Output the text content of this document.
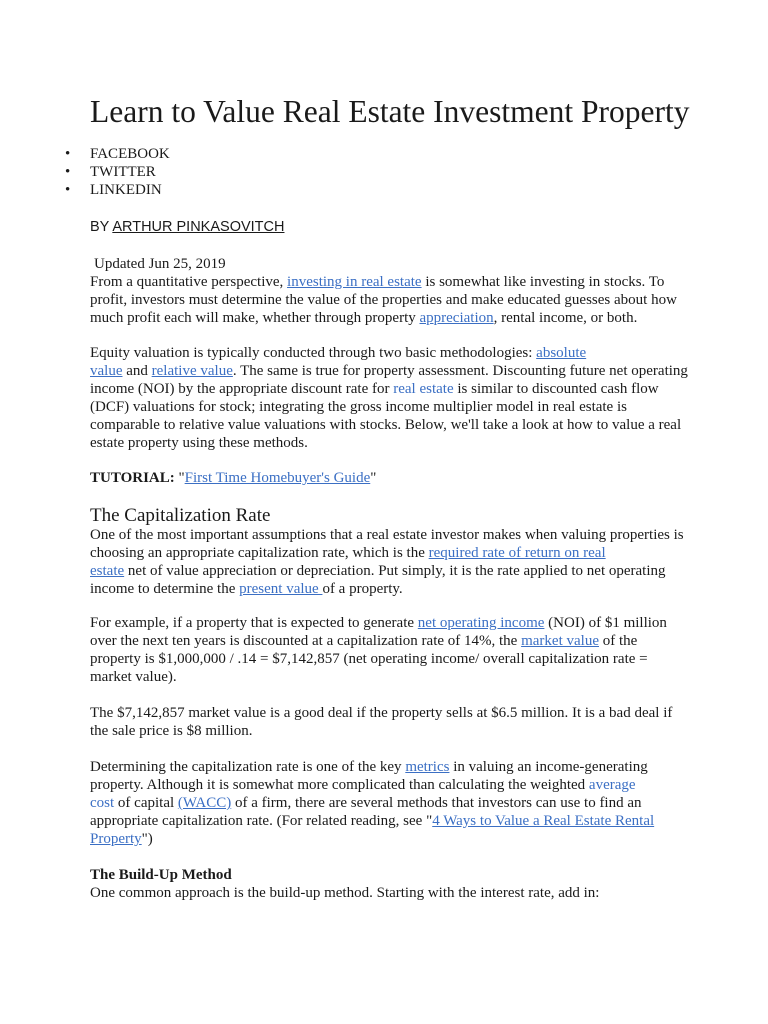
Learn to Value Real Estate Investment Property
• FACEBOOK
• TWITTER
• LINKEDIN
BY ARTHUR PINKASOVITCH
Updated Jun 25, 2019
From a quantitative perspective, investing in real estate is somewhat like investing in stocks. To profit, investors must determine the value of the properties and make educated guesses about how much profit each will make, whether through property appreciation, rental income, or both.
Equity valuation is typically conducted through two basic methodologies: absolute
value and relative value. The same is true for property assessment. Discounting future net operating income (NOI) by the appropriate discount rate for real estate is similar to discounted cash flow (DCF) valuations for stock; integrating the gross income multiplier model in real estate is comparable to relative value valuations with stocks. Below, we'll take a look at how to value a real estate property using these methods.
TUTORIAL: "First Time Homebuyer's Guide"
The Capitalization Rate
One of the most important assumptions that a real estate investor makes when valuing properties is choosing an appropriate capitalization rate, which is the required rate of return on real
estate net of value appreciation or depreciation. Put simply, it is the rate applied to net operating income to determine the present value of a property.
For example, if a property that is expected to generate net operating income (NOI) of $1 million over the next ten years is discounted at a capitalization rate of 14%, the market value of the property is $1,000,000 / .14 = $7,142,857 (net operating income/ overall capitalization rate = market value).
The $7,142,857 market value is a good deal if the property sells at $6.5 million. It is a bad deal if the sale price is $8 million.
Determining the capitalization rate is one of the key metrics in valuing an income-generating property. Although it is somewhat more complicated than calculating the weighted average
cost of capital (WACC) of a firm, there are several methods that investors can use to find an appropriate capitalization rate. (For related reading, see "4 Ways to Value a Real Estate Rental
Property")
The Build-Up Method
One common approach is the build-up method. Starting with the interest rate, add in:
